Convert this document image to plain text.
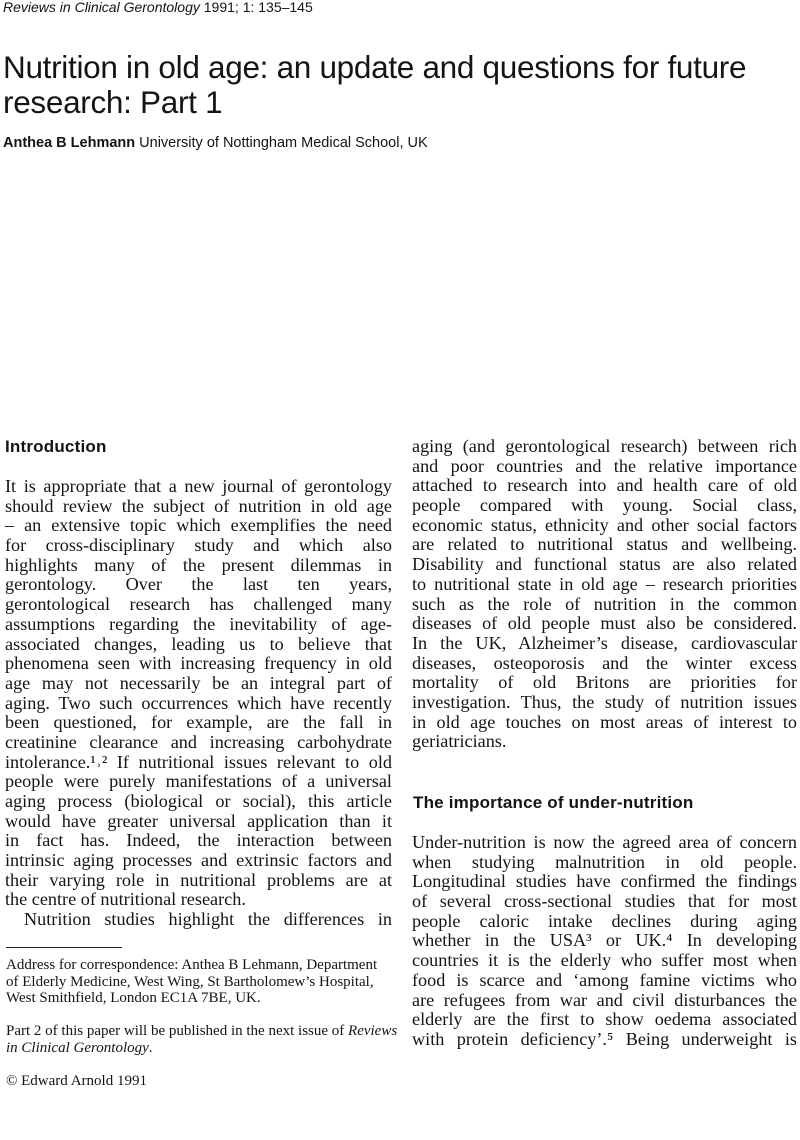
Reviews in Clinical Gerontology 1991; 1: 135–145
Nutrition in old age: an update and questions for future
research: Part 1
Anthea B Lehmann University of Nottingham Medical School, UK
Introduction
It is appropriate that a new journal of gerontology
should review the subject of nutrition in old age
– an extensive topic which exemplifies the need
for cross-disciplinary study and which also
highlights many of the present dilemmas in
gerontology. Over the last ten years,
gerontological research has challenged many
assumptions regarding the inevitability of age-
associated changes, leading us to believe that
phenomena seen with increasing frequency in old
age may not necessarily be an integral part of
aging. Two such occurrences which have recently
been questioned, for example, are the fall in
creatinine clearance and increasing carbohydrate
intolerance.¹˒² If nutritional issues relevant to old
people were purely manifestations of a universal
aging process (biological or social), this article
would have greater universal application than it
in fact has. Indeed, the interaction between
intrinsic aging processes and extrinsic factors and
their varying role in nutritional problems are at
the centre of nutritional research.
Nutrition studies highlight the differences in
aging (and gerontological research) between rich
and poor countries and the relative importance
attached to research into and health care of old
people compared with young. Social class,
economic status, ethnicity and other social factors
are related to nutritional status and wellbeing.
Disability and functional status are also related
to nutritional state in old age – research priorities
such as the role of nutrition in the common
diseases of old people must also be considered.
In the UK, Alzheimer’s disease, cardiovascular
diseases, osteoporosis and the winter excess
mortality of old Britons are priorities for
investigation. Thus, the study of nutrition issues
in old age touches on most areas of interest to
geriatricians.
The importance of under-nutrition
Under-nutrition is now the agreed area of concern
when studying malnutrition in old people.
Longitudinal studies have confirmed the findings
of several cross-sectional studies that for most
people caloric intake declines during aging
whether in the USA³ or UK.⁴ In developing
countries it is the elderly who suffer most when
food is scarce and ‘among famine victims who
are refugees from war and civil disturbances the
elderly are the first to show oedema associated
with protein deficiency’.⁵ Being underweight is
Address for correspondence: Anthea B Lehmann, Department
of Elderly Medicine, West Wing, St Bartholomew’s Hospital,
West Smithfield, London EC1A 7BE, UK.
Part 2 of this paper will be published in the next issue of Reviews
in Clinical Gerontology.
© Edward Arnold 1991
